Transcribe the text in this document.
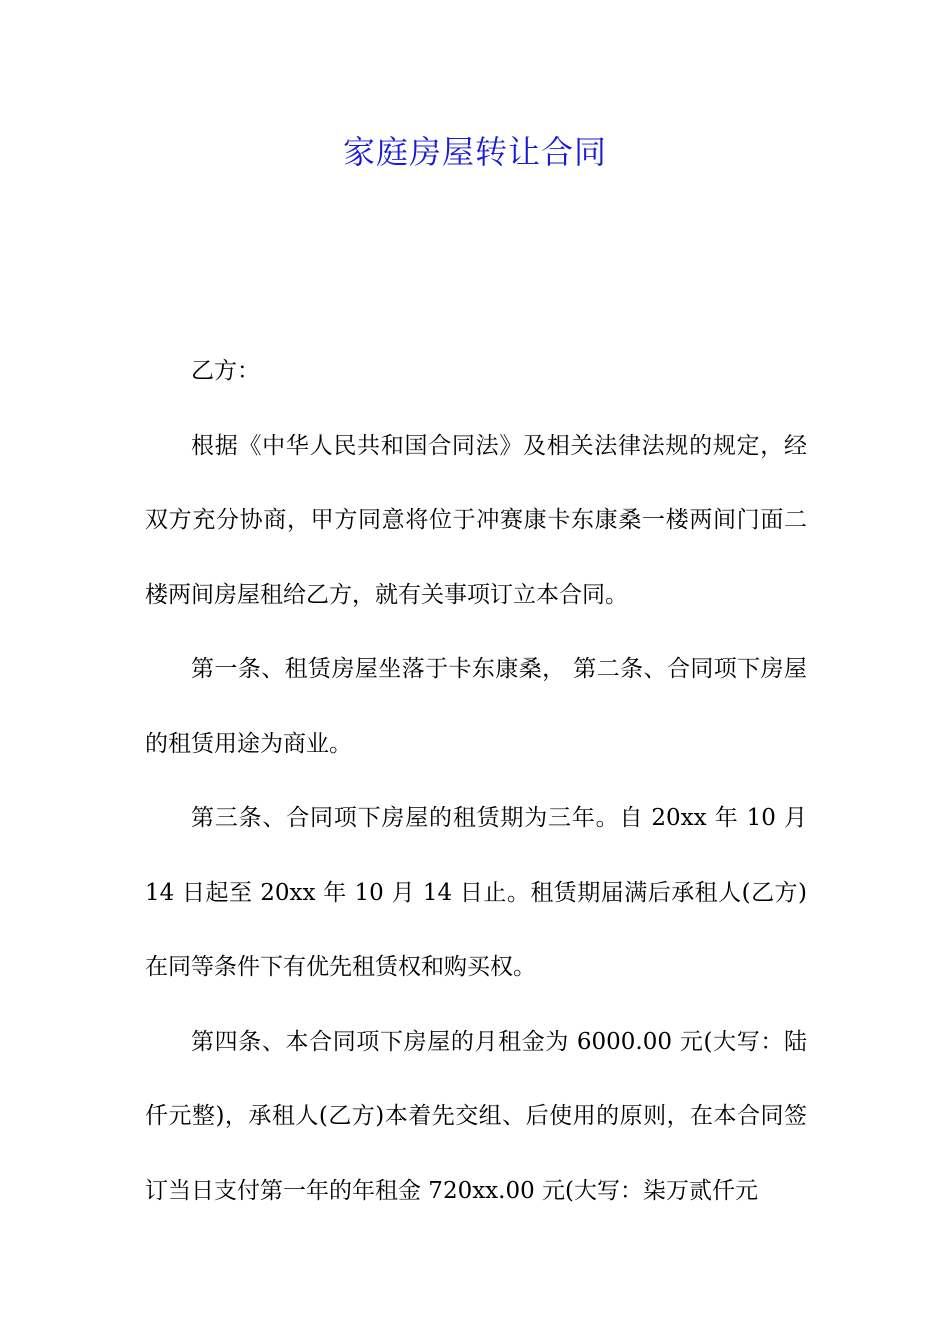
家庭房屋转让合同

乙方：

根据《中华人民共和国合同法》及相关法律法规的规定，经双方充分协商，甲方同意将位于冲赛康卡东康桑一楼两间门面二楼两间房屋租给乙方，就有关事项订立本合同。

第一条、租赁房屋坐落于卡东康桑， 第二条、合同项下房屋的租赁用途为商业。

第三条、合同项下房屋的租赁期为三年。自 20xx 年 10 月 14 日起至 20xx 年 10 月 14 日止。租赁期届满后承租人(乙方)在同等条件下有优先租赁权和购买权。

第四条、本合同项下房屋的月租金为 6000.00 元(大写：陆仟元整)，承租人(乙方)本着先交组、后使用的原则，在本合同签订当日支付第一年的年租金 720xx.00 元(大写：柒万贰仟元
